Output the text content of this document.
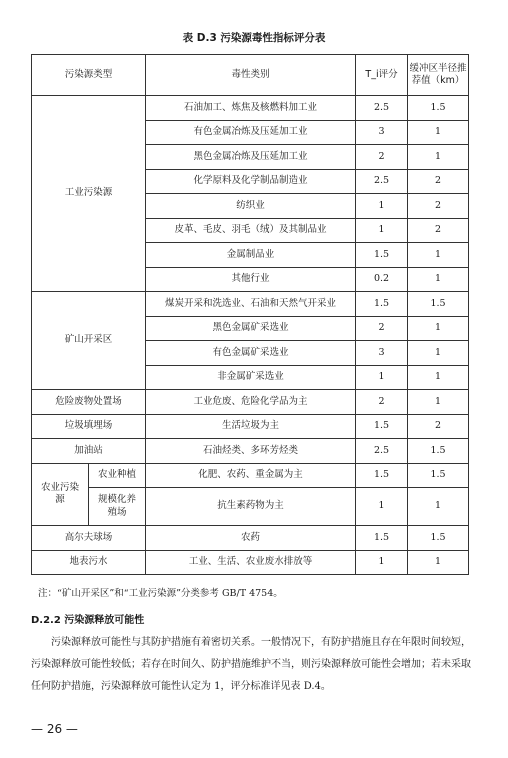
表 D.3 污染源毒性指标评分表
污染源类型		毒性类别	T_i评分	缓冲区半径推荐值（km）
工业污染源		石油加工、炼焦及核燃料加工业	2.5	1.5
		有色金属冶炼及压延加工业	3	1
		黑色金属冶炼及压延加工业	2	1
		化学原料及化学制品制造业	2.5	2
		纺织业	1	2
		皮革、毛皮、羽毛（绒）及其制品业	1	2
		金属制品业	1.5	1
		其他行业	0.2	1
矿山开采区		煤炭开采和洗选业、石油和天然气开采业	1.5	1.5
		黑色金属矿采选业	2	1
		有色金属矿采选业	3	1
		非金属矿采选业	1	1
危险废物处置场		工业危废、危险化学品为主	2	1
垃圾填埋场		生活垃圾为主	1.5	2
加油站		石油烃类、多环芳烃类	2.5	1.5
农业污染源	农业种植	化肥、农药、重金属为主	1.5	1.5
	规模化养殖场	抗生素药物为主	1	1
高尔夫球场		农药	1.5	1.5
地表污水		工业、生活、农业废水排放等	1	1
注：“矿山开采区”和“工业污染源”分类参考 GB/T 4754。
D.2.2 污染源释放可能性
污染源释放可能性与其防护措施有着密切关系。一般情况下，有防护措施且存在年限时间较短，污染源释放可能性较低；若存在时间久、防护措施维护不当，则污染源释放可能性会增加；若未采取任何防护措施，污染源释放可能性认定为 1，评分标准详见表 D.4。
— 26 —
